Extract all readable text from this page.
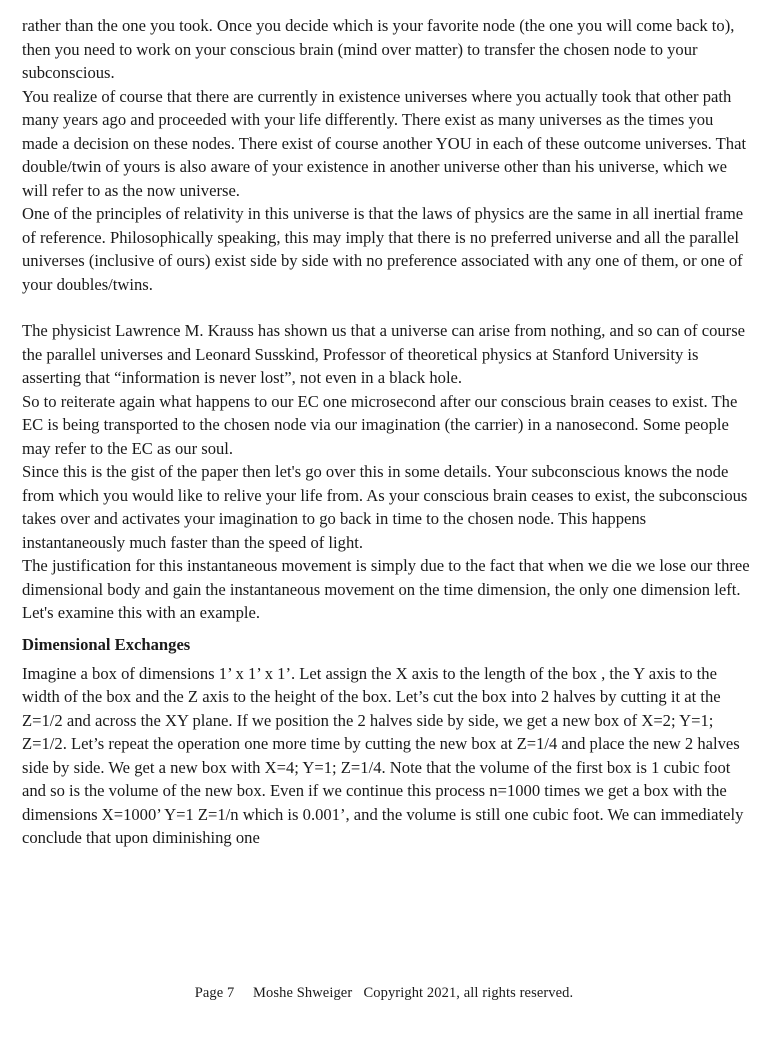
rather than the one you took. Once you decide which is your favorite node (the one you will come back to), then you need to work on your conscious brain (mind over matter) to transfer the chosen node to your subconscious.

You realize of course that there are currently in existence universes where you actually took that other path many years ago and proceeded with your life differently. There exist as many universes as the times you made a decision on these nodes. There exist of course another YOU in each of these outcome universes. That double/twin of yours is also aware of your existence in another universe other than his universe, which we will refer to as the now universe.

One of the principles of relativity in this universe is that the laws of physics are the same in all inertial frame of reference. Philosophically speaking, this may imply that there is no preferred universe and all the parallel universes (inclusive of ours) exist side by side with no preference associated with any one of them, or one of your doubles/twins.

The physicist Lawrence M. Krauss has shown us that a universe can arise from nothing, and so can of course the parallel universes and Leonard Susskind, Professor of theoretical physics at Stanford University is asserting that “information is never lost”, not even in a black hole.

So to reiterate again what happens to our EC one microsecond after our conscious brain ceases to exist. The EC is being transported to the chosen node via our imagination (the carrier) in a nanosecond. Some people may refer to the EC as our soul.

Since this is the gist of the paper then let's go over this in some details. Your subconscious knows the node from which you would like to relive your life from. As your conscious brain ceases to exist, the subconscious takes over and activates your imagination to go back in time to the chosen node. This happens instantaneously much faster than the speed of light.

The justification for this instantaneous movement is simply due to the fact that when we die we lose our three dimensional body and gain the instantaneous movement on the time dimension, the only one dimension left. Let's examine this with an example.

Dimensional Exchanges

Imagine a box of dimensions 1’ x 1’ x 1’. Let assign the X axis to the length of the box , the Y axis to the width of the box and the Z axis to the height of the box. Let’s cut the box into 2 halves by cutting it at the Z=1/2 and across the XY plane. If we position the 2 halves side by side, we get a new box of X=2; Y=1; Z=1/2. Let’s repeat the operation one more time by cutting the new box at Z=1/4 and place the new 2 halves side by side. We get a new box with X=4; Y=1; Z=1/4. Note that the volume of the first box is 1 cubic foot and so is the volume of the new box. Even if we continue this process n=1000 times we get a box with the dimensions X=1000’ Y=1 Z=1/n which is 0.001’, and the volume is still one cubic foot. We can immediately conclude that upon diminishing one

Page 7 Moshe Shweiger Copyright 2021, all rights reserved.
